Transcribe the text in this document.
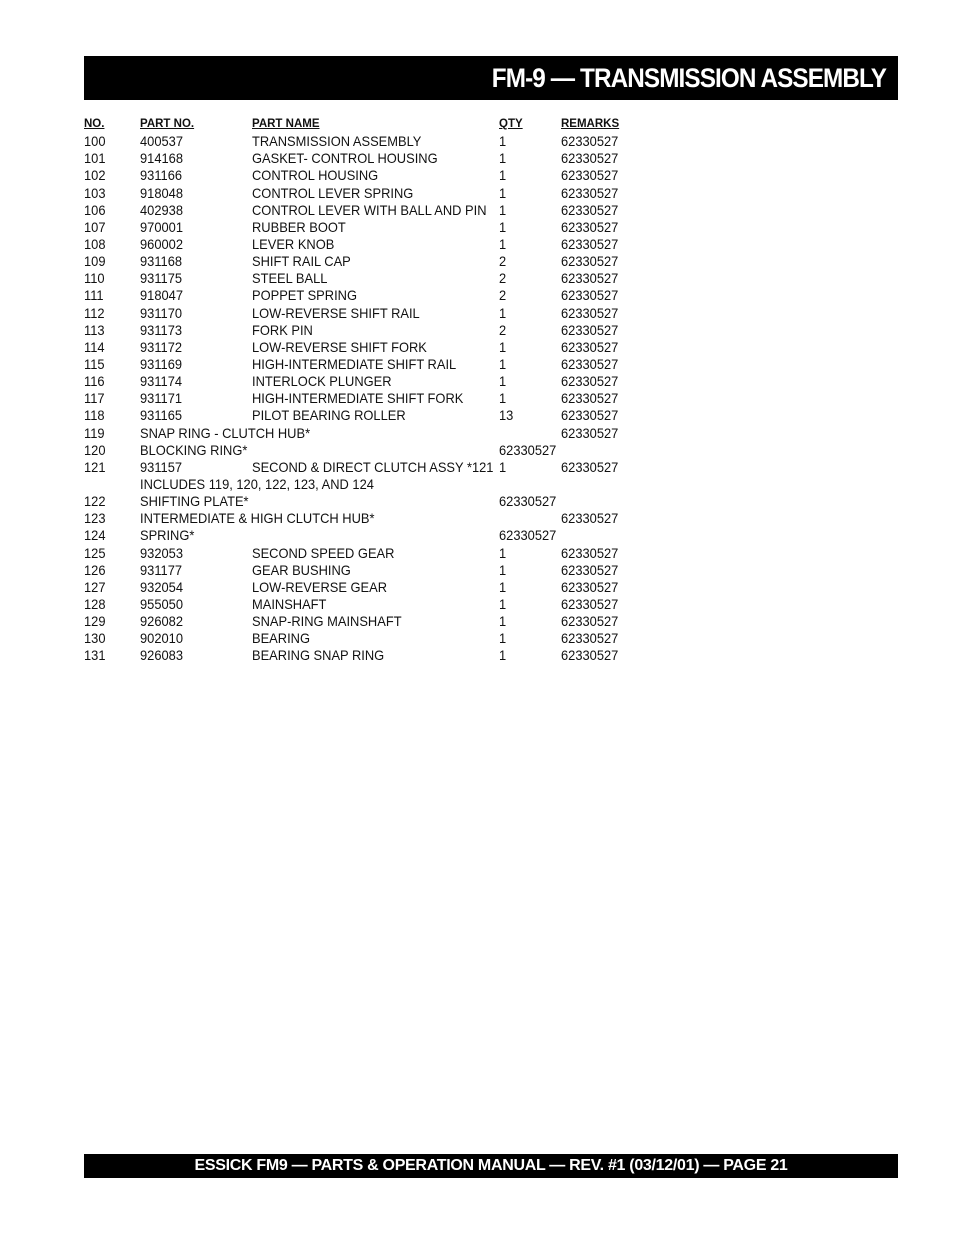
FM-9 — TRANSMISSION ASSEMBLY
NO.	PART NO.	PART NAME	QTY	REMARKS
100 400537	TRANSMISSION ASSEMBLY	1	62330527
101 914168	GASKET- CONTROL HOUSING	1	62330527
102 931166	CONTROL HOUSING	1	62330527
103 918048	CONTROL LEVER SPRING	1	62330527
106 402938	CONTROL LEVER WITH BALL AND PIN 1	62330527
107 970001	RUBBER BOOT	1	62330527
108 960002	LEVER KNOB	1	62330527
109 931168	SHIFT RAIL CAP	2	62330527
110	931175	STEEL BALL	2	62330527
111	918047	POPPET SPRING	2	62330527
112	931170	LOW-REVERSE SHIFT RAIL	1	62330527
113	931173	FORK PIN	2	62330527
114	931172	LOW-REVERSE SHIFT FORK	1	62330527
115	931169	HIGH-INTERMEDIATE SHIFT RAIL	1	62330527
116	931174	INTERLOCK PLUNGER	1	62330527
117	931171	HIGH-INTERMEDIATE SHIFT FORK	1	62330527
118	931165	PILOT BEARING ROLLER	13	62330527
119	SNAP RING - CLUTCH HUB*	62330527
120 BLOCKING RING*	62330527
121 931157	SECOND & DIRECT CLUTCH ASSY *121 1	62330527
INCLUDES 119, 120, 122, 123, AND 124
122 SHIFTING PLATE*	62330527
123 INTERMEDIATE & HIGH CLUTCH HUB*	62330527
124 SPRING*	62330527
125 932053	SECOND SPEED GEAR	1	62330527
126 931177	GEAR BUSHING	1	62330527
127 932054	LOW-REVERSE GEAR	1	62330527
128 955050	MAINSHAFT	1	62330527
129 926082	SNAP-RING MAINSHAFT	1	62330527
130 902010	BEARING	1	62330527
131 926083	BEARING SNAP RING	1	62330527
ESSICK FM9 — PARTS & OPERATION MANUAL — REV. #1 (03/12/01) — PAGE 21
